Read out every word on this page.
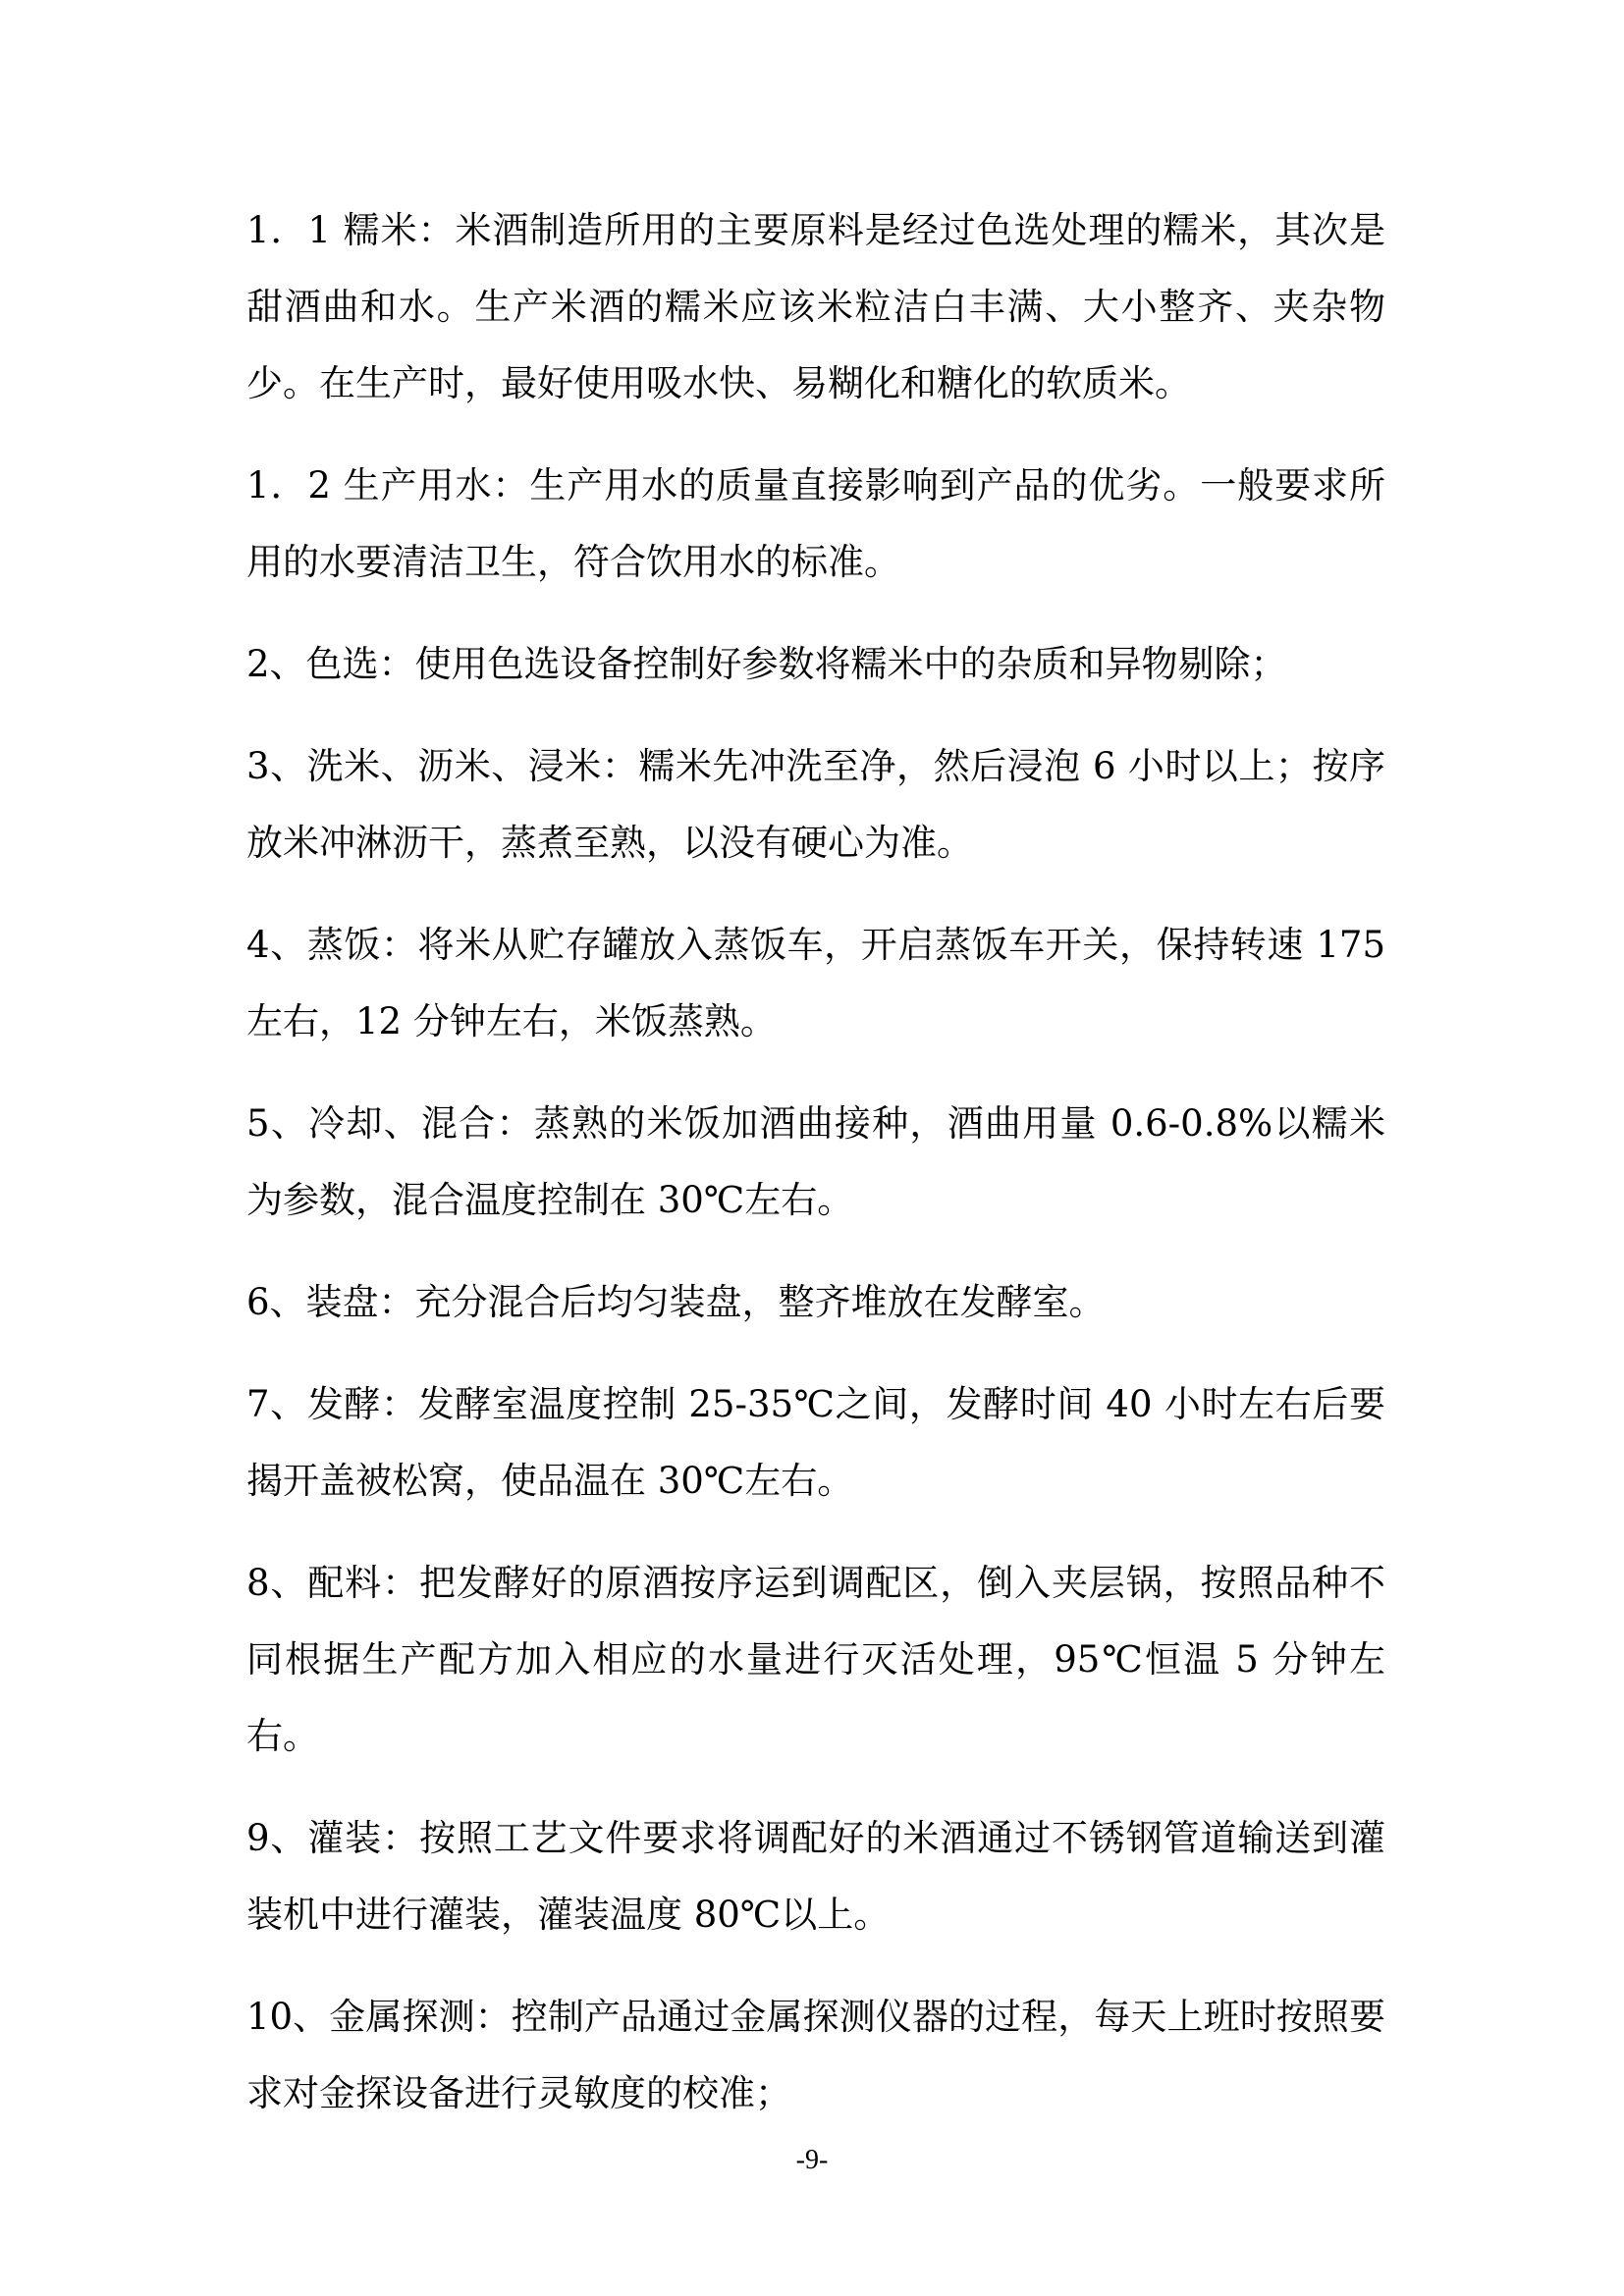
1．1 糯米：米酒制造所用的主要原料是经过色选处理的糯米，其次是甜酒曲和水。生产米酒的糯米应该米粒洁白丰满、大小整齐、夹杂物少。在生产时，最好使用吸水快、易糊化和糖化的软质米。

1．2 生产用水：生产用水的质量直接影响到产品的优劣。一般要求所用的水要清洁卫生，符合饮用水的标准。

2、色选：使用色选设备控制好参数将糯米中的杂质和异物剔除；

3、洗米、沥米、浸米：糯米先冲洗至净，然后浸泡 6 小时以上；按序放米冲淋沥干，蒸煮至熟，以没有硬心为准。

4、蒸饭：将米从贮存罐放入蒸饭车，开启蒸饭车开关，保持转速 175 左右，12 分钟左右，米饭蒸熟。

5、冷却、混合：蒸熟的米饭加酒曲接种，酒曲用量 0.6-0.8%以糯米为参数，混合温度控制在 30℃左右。

6、装盘：充分混合后均匀装盘，整齐堆放在发酵室。

7、发酵：发酵室温度控制 25-35℃之间，发酵时间 40 小时左右后要揭开盖被松窝，使品温在 30℃左右。

8、配料：把发酵好的原酒按序运到调配区，倒入夹层锅，按照品种不同根据生产配方加入相应的水量进行灭活处理，95℃恒温 5 分钟左右。

9、灌装：按照工艺文件要求将调配好的米酒通过不锈钢管道输送到灌装机中进行灌装，灌装温度 80℃以上。

10、金属探测：控制产品通过金属探测仪器的过程，每天上班时按照要求对金探设备进行灵敏度的校准；

-9-
